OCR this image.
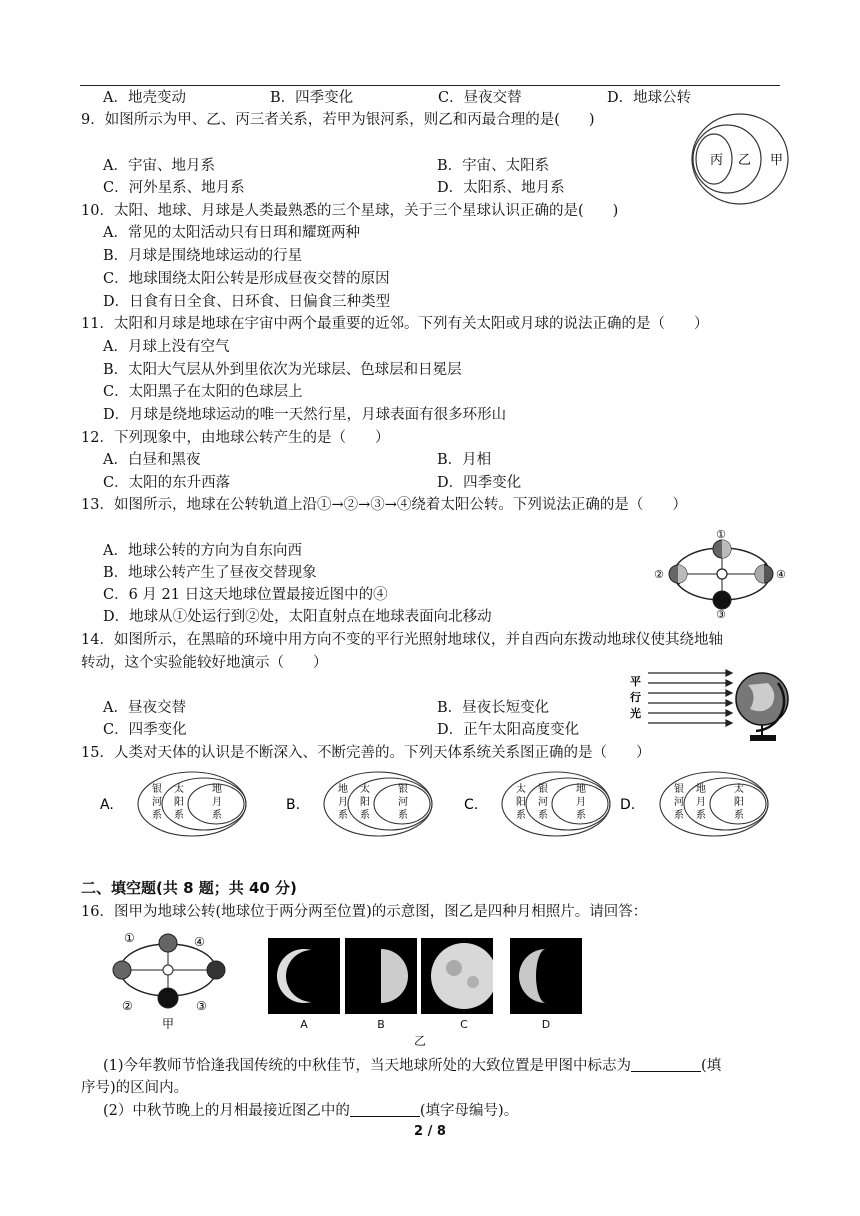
A．地壳变动	B．四季变化	C．昼夜交替	D．地球公转
9．如图所示为甲、乙、丙三者关系，若甲为银河系，则乙和丙最合理的是(　　)
A．宇宙、地月系	B．宇宙、太阳系
C．河外星系、地月系	D．太阳系、地月系
丙 乙 甲
10．太阳、地球、月球是人类最熟悉的三个星球，关于三个星球认识正确的是(　　)
A．常见的太阳活动只有日珥和耀斑两种
B．月球是围绕地球运动的行星
C．地球围绕太阳公转是形成昼夜交替的原因
D．日食有日全食、日环食、日偏食三种类型
11．太阳和月球是地球在宇宙中两个最重要的近邻。下列有关太阳或月球的说法正确的是（　　）
A．月球上没有空气
B．太阳大气层从外到里依次为光球层、色球层和日冕层
C．太阳黑子在太阳的色球层上
D．月球是绕地球运动的唯一天然行星，月球表面有很多环形山
12．下列现象中，由地球公转产生的是（　　）
A．白昼和黑夜	B．月相
C．太阳的东升西落	D．四季变化
13．如图所示，地球在公转轨道上沿①→②→③→④绕着太阳公转。下列说法正确的是（　　）
A．地球公转的方向为自东向西
B．地球公转产生了昼夜交替现象
C．6 月 21 日这天地球位置最接近图中的④
D．地球从①处运行到②处，太阳直射点在地球表面向北移动
①
②
③
④
14．如图所示，在黑暗的环境中用方向不变的平行光照射地球仪，并自西向东拨动地球仪使其绕地轴
转动，这个实验能较好地演示（　　）
A．昼夜交替	B．昼夜长短变化
C．四季变化	D．正午太阳高度变化
平
行
光
15．人类对天体的认识是不断深入、不断完善的。下列天体系统关系图正确的是（　　）
A.
银
河
系
太
阳
系
地
月
系
B.
地
月
系
太
阳
系
银
河
系
C.
太
阳
系
银
河
系
地
月
系
D.
银
河
系
地
月
系
太
阳
系
二、填空题(共 8 题；共 40 分)
16．图甲为地球公转(地球位于两分两至位置)的示意图，图乙是四种月相照片。请回答：
①	④
②	③
甲	A	B	C	D
乙
(1)今年教师节恰逢我国传统的中秋佳节，当天地球所处的大致位置是甲图中标志为	(填
序号)的区间内。
(2）中秋节晚上的月相最接近图乙中的	(填字母编号)。
2 / 8
